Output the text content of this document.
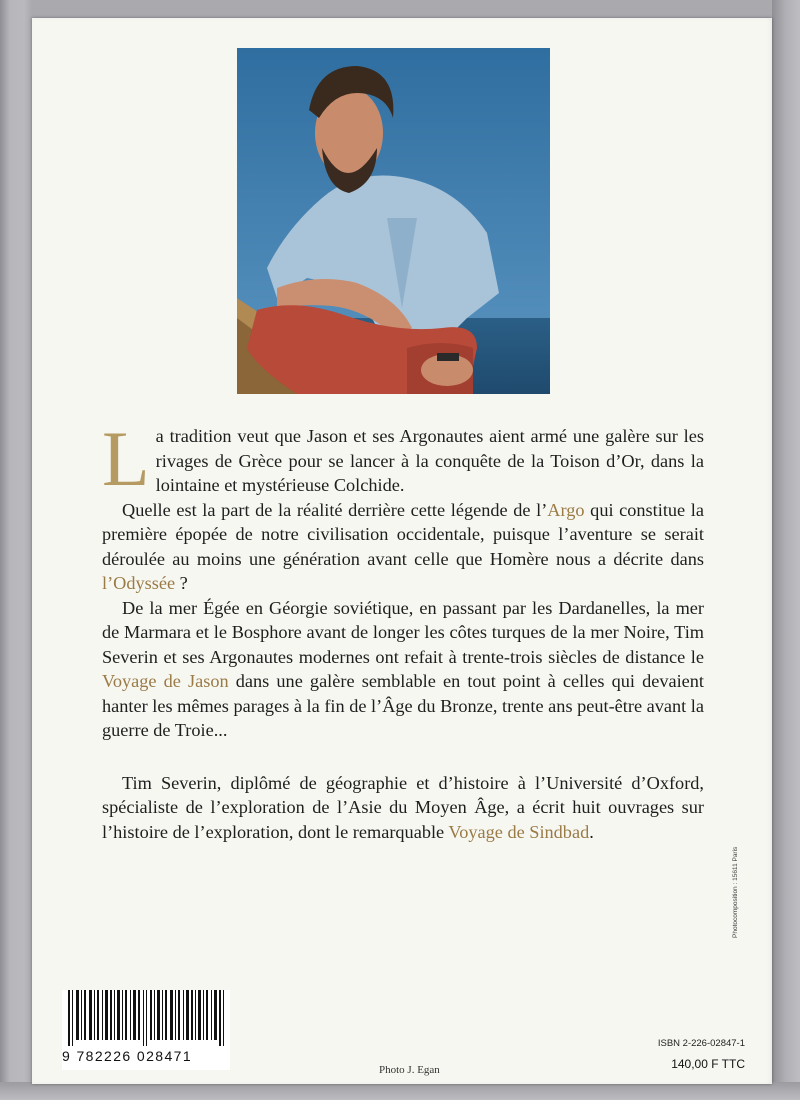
La tradition veut que Jason et ses Argonautes aient armé une galère sur les rivages de Grèce pour se lancer à la conquête de la Toison d’Or, dans la lointaine et mystérieuse Colchide.

Quelle est la part de la réalité derrière cette légende de l’Argo qui constitue la première épopée de notre civilisation occidentale, puisque l’aventure se serait déroulée au moins une génération avant celle que Homère nous a décrite dans l’Odyssée ?

De la mer Égée en Géorgie soviétique, en passant par les Dardanelles, la mer de Marmara et le Bosphore avant de longer les côtes turques de la mer Noire, Tim Severin et ses Argonautes modernes ont refait à trente-trois siècles de distance le Voyage de Jason dans une galère semblable en tout point à celles qui devaient hanter les mêmes parages à la fin de l’Âge du Bronze, trente ans peut-être avant la guerre de Troie...

Tim Severin, diplômé de géographie et d’histoire à l’Université d’Oxford, spécialiste de l’exploration de l’Asie du Moyen Âge, a écrit huit ouvrages sur l’histoire de l’exploration, dont le remarquable Voyage de Sindbad.

9 782226 028471
Photo J. Egan
ISBN 2-226-02847-1
140,00 F TTC
Photocomposition : 15611 Paris
